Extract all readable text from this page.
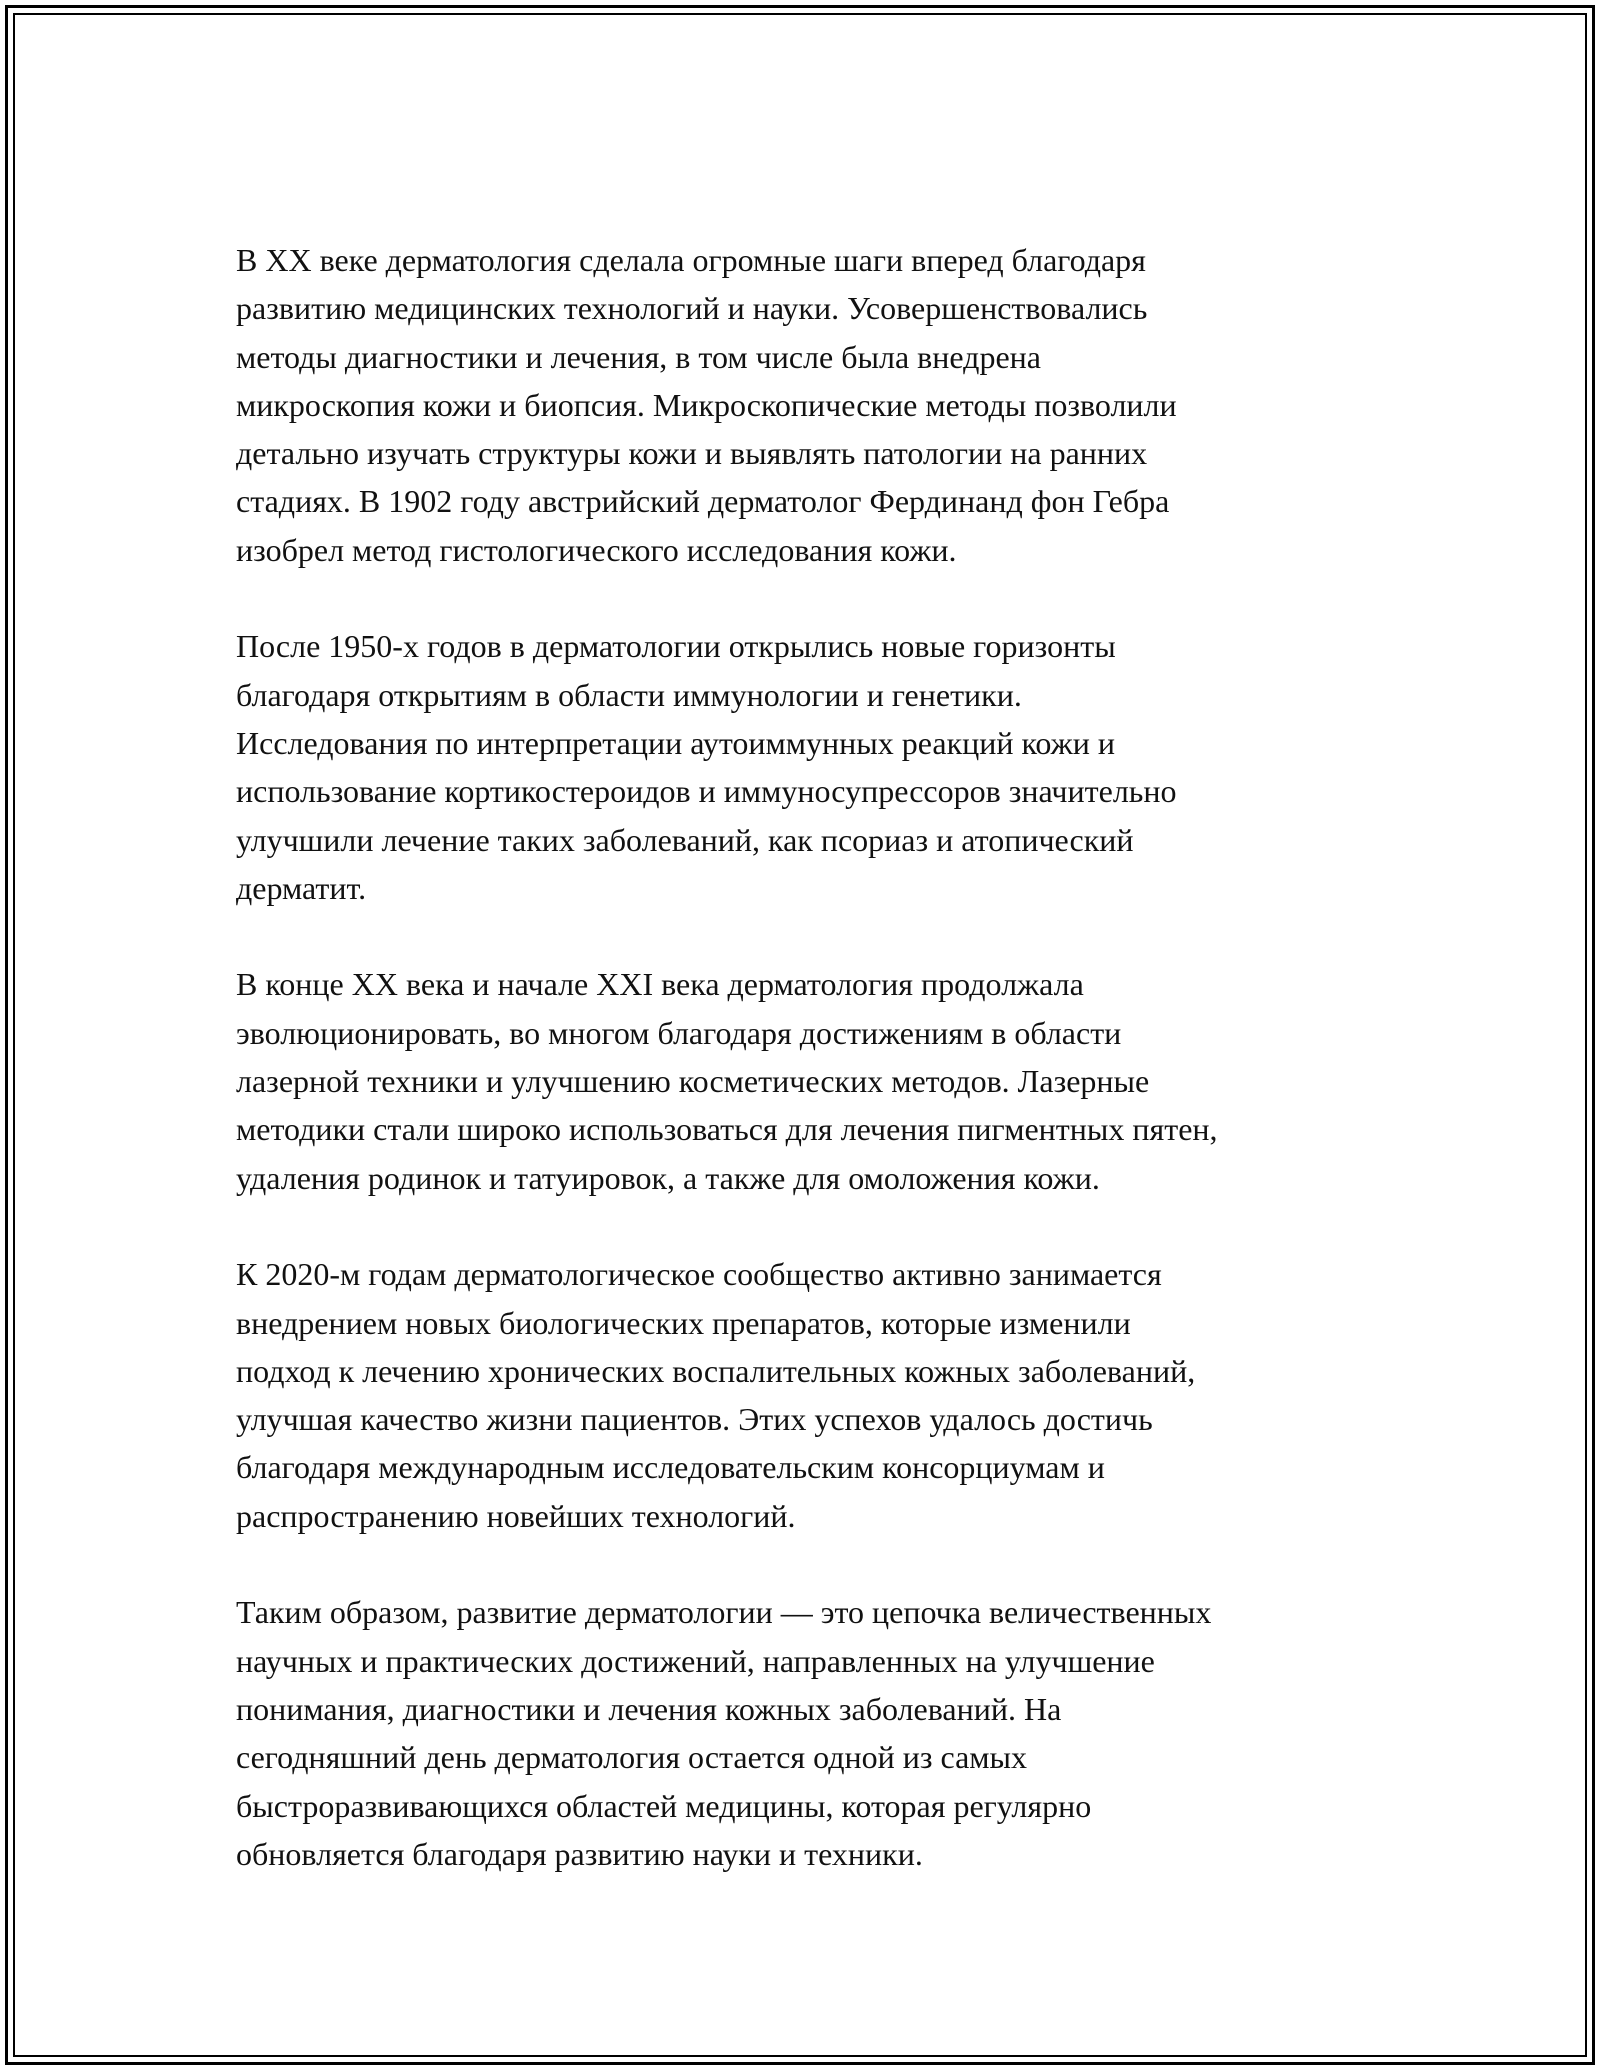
В XX веке дерматология сделала огромные шаги вперед благодаря
развитию медицинских технологий и науки. Усовершенствовались
методы диагностики и лечения, в том числе была внедрена
микроскопия кожи и биопсия. Микроскопические методы позволили
детально изучать структуры кожи и выявлять патологии на ранних
стадиях. В 1902 году австрийский дерматолог Фердинанд фон Гебра
изобрел метод гистологического исследования кожи.

После 1950-х годов в дерматологии открылись новые горизонты
благодаря открытиям в области иммунологии и генетики.
Исследования по интерпретации аутоиммунных реакций кожи и
использование кортикостероидов и иммуносупрессоров значительно
улучшили лечение таких заболеваний, как псориаз и атопический
дерматит.

В конце XX века и начале XXI века дерматология продолжала
эволюционировать, во многом благодаря достижениям в области
лазерной техники и улучшению косметических методов. Лазерные
методики стали широко использоваться для лечения пигментных пятен,
удаления родинок и татуировок, а также для омоложения кожи.

К 2020-м годам дерматологическое сообщество активно занимается
внедрением новых биологических препаратов, которые изменили
подход к лечению хронических воспалительных кожных заболеваний,
улучшая качество жизни пациентов. Этих успехов удалось достичь
благодаря международным исследовательским консорциумам и
распространению новейших технологий.

Таким образом, развитие дерматологии — это цепочка величественных
научных и практических достижений, направленных на улучшение
понимания, диагностики и лечения кожных заболеваний. На
сегодняшний день дерматология остается одной из самых
быстроразвивающихся областей медицины, которая регулярно
обновляется благодаря развитию науки и техники.
